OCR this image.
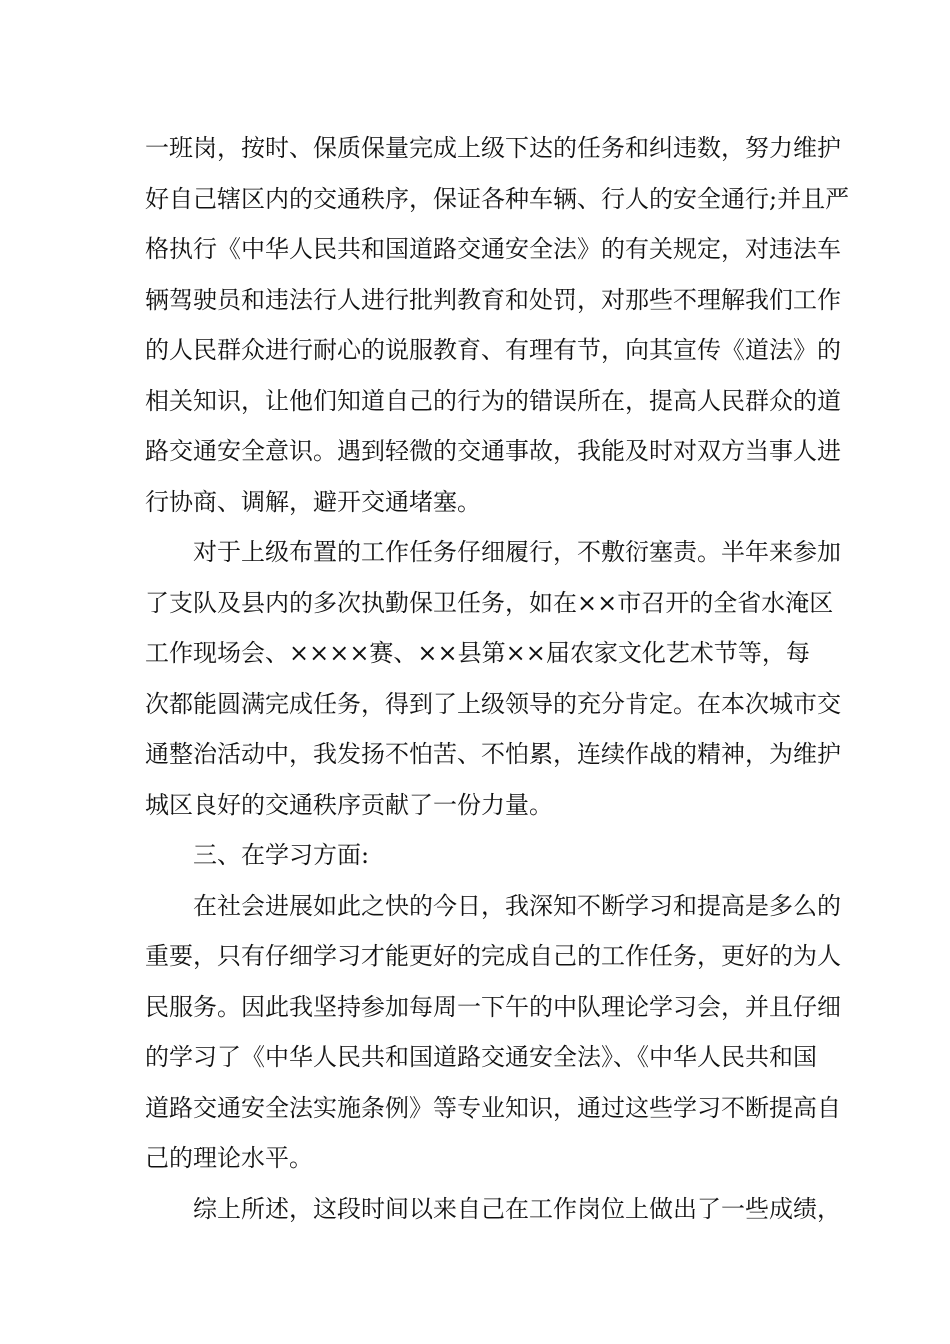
一班岗，按时、保质保量完成上级下达的任务和纠违数，努力维护
好自己辖区内的交通秩序，保证各种车辆、行人的安全通行;并且严
格执行《中华人民共和国道路交通安全法》的有关规定，对违法车
辆驾驶员和违法行人进行批判教育和处罚，对那些不理解我们工作
的人民群众进行耐心的说服教育、有理有节，向其宣传《道法》的
相关知识，让他们知道自己的行为的错误所在，提高人民群众的道
路交通安全意识。遇到轻微的交通事故，我能及时对双方当事人进
行协商、调解，避开交通堵塞。
对于上级布置的工作任务仔细履行，不敷衍塞责。半年来参加
了支队及县内的多次执勤保卫任务，如在××市召开的全省水淹区
工作现场会、××××赛、××县第××届农家文化艺术节等，每
次都能圆满完成任务，得到了上级领导的充分肯定。在本次城市交
通整治活动中，我发扬不怕苦、不怕累，连续作战的精神，为维护
城区良好的交通秩序贡献了一份力量。
三、在学习方面:
在社会进展如此之快的今日，我深知不断学习和提高是多么的
重要，只有仔细学习才能更好的完成自己的工作任务，更好的为人
民服务。因此我坚持参加每周一下午的中队理论学习会，并且仔细
的学习了《中华人民共和国道路交通安全法》、《中华人民共和国
道路交通安全法实施条例》等专业知识，通过这些学习不断提高自
己的理论水平。
综上所述，这段时间以来自己在工作岗位上做出了一些成绩，
